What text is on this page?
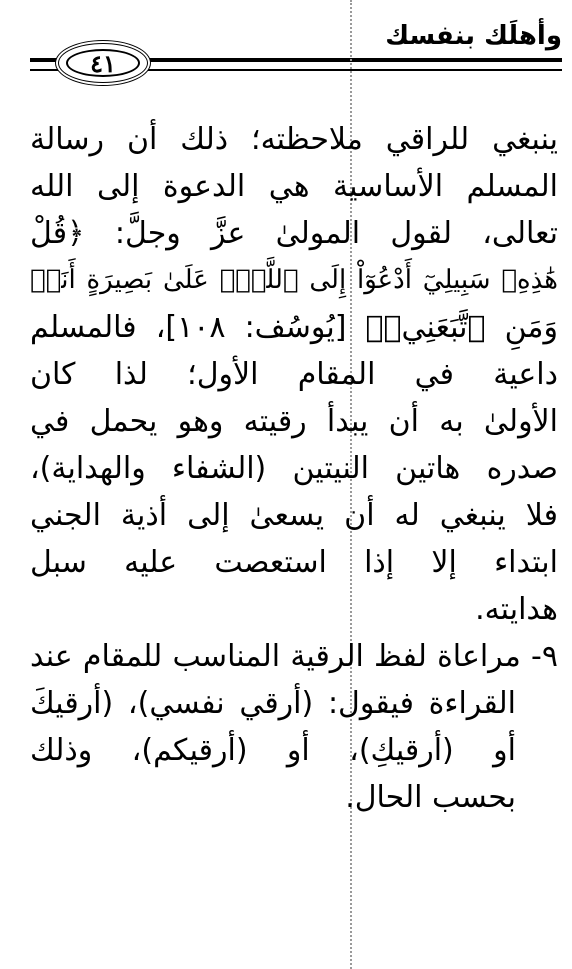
وأهلَك بنفسك
٤١
ينبغي للراقي ملاحظته؛ ذلك أن رسالة
المسلم الأساسية هي الدعوة إلى الله
تعالى، لقول المولىٰ عزَّ وجلَّ: ﴿قُلْ
هَٰذِهِۦ سَبِيلِيٓ أَدْعُوٓاْ إِلَى ٱللَّهِۚ عَلَىٰ بَصِيرَةٍ أَنَا۠
وَمَنِ ٱتَّبَعَنِيۖ﴾ [يُوسُف: ١٠٨]، فالمسلم
داعية في المقام الأول؛ لذا كان
الأولىٰ به أن يبدأ رقيته وهو يحمل في
صدره هاتين النيتين (الشفاء والهداية)،
فلا ينبغي له أن يسعىٰ إلى أذية الجني
ابتداء إلا إذا استعصت عليه سبل
هدايته.
٩- مراعاة لفظ الرقية المناسب للمقام عند
القراءة فيقول: (أرقي نفسي)، (أرقيكَ
أو (أرقيكِ)، أو (أرقيكم)، وذلك
بحسب الحال.
